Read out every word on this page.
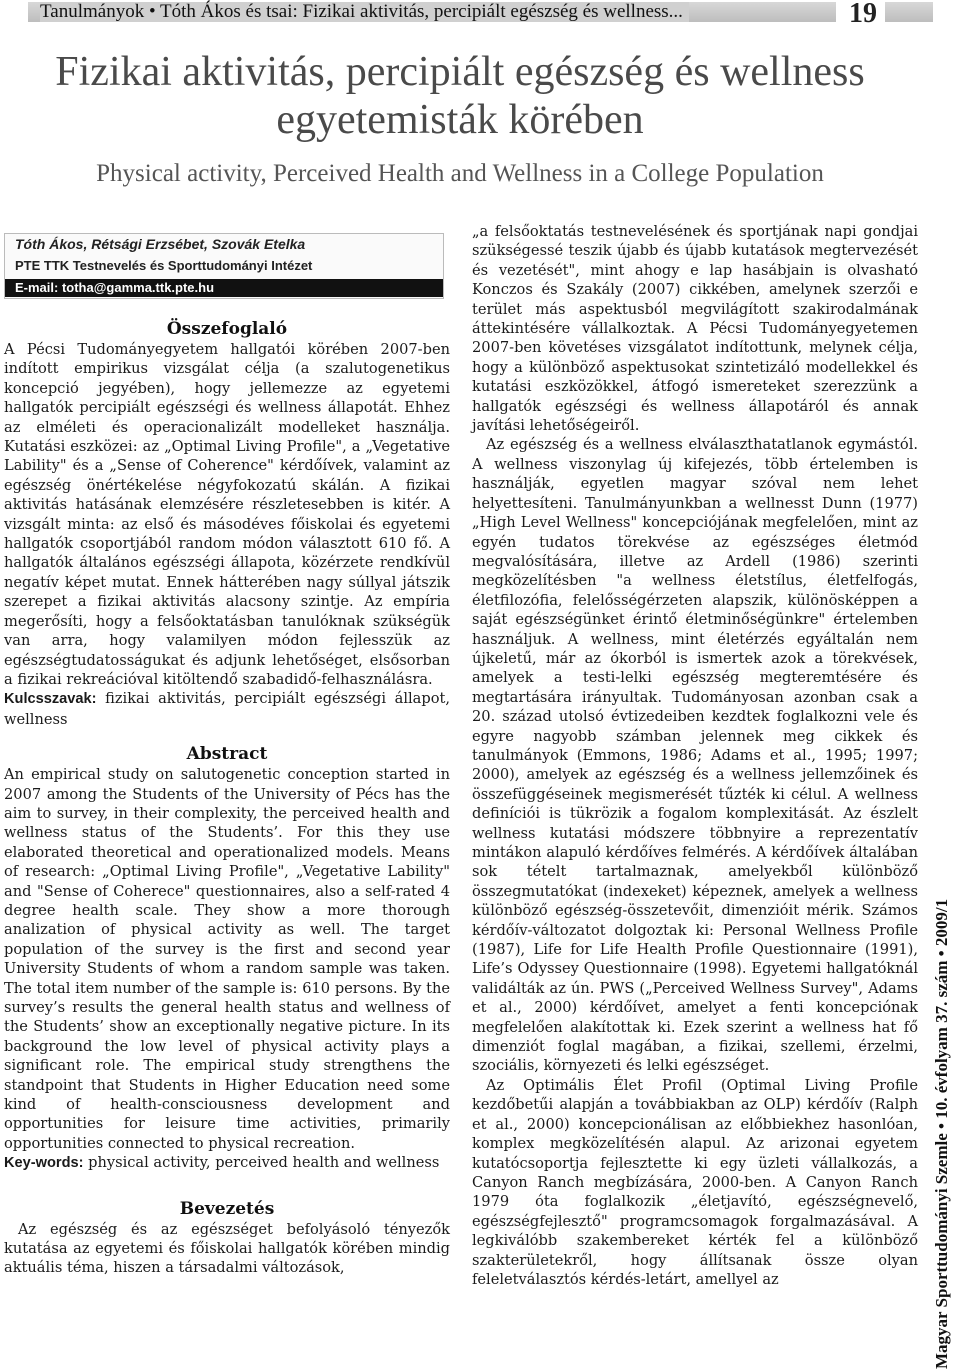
Tanulmányok • Tóth Ákos és tsai: Fizikai aktivitás, percipiált egészség és wellness...	19
Fizikai aktivitás, percipiált egészség és wellness
egyetemisták körében
Physical activity, Perceived Health and Wellness in a College Population
Tóth Ákos, Rétsági Erzsébet, Szovák Etelka
PTE TTK Testnevelés és Sporttudományi Intézet
E-mail: totha@gamma.ttk.pte.hu
Összefoglaló

A Pécsi Tudományegyetem hallgatói körében 2007-ben indított empirikus vizsgálat célja (a szalutogenetikus koncepció jegyében), hogy jellemezze az egyetemi hallgatók percipiált egészségi és wellness állapotát. Ehhez az elméleti és operacionalizált modelleket használja. Kutatási eszközei: az „Optimal Living Profile", a „Vegetative Lability" és a „Sense of Coherence" kérdőívek, valamint az egészség önértékelése négyfokozatú skálán. A fizikai aktivitás hatásának elemzésére részletesebben is kitér. A vizsgált minta: az első és másodéves főiskolai és egyetemi hallgatók csoportjából random módon választott 610 fő. A hallgatók általános egészségi állapota, közérzete rendkívül negatív képet mutat. Ennek hátterében nagy súllyal játszik szerepet a fizikai aktivitás alacsony szintje. Az empíria megerősíti, hogy a felsőoktatásban tanulóknak szükségük van arra, hogy valamilyen módon fejlesszük az egészségtudatosságukat és adjunk lehetőséget, elsősorban a fizikai rekreációval kitöltendő szabadidő-felhasználásra.

Kulcsszavak: fizikai aktivitás, percipiált egészségi állapot, wellness

Abstract

An empirical study on salutogenetic conception started in 2007 among the Students of the University of Pécs has the aim to survey, in their complexity, the perceived health and wellness status of the Students’. For this they use elaborated theoretical and operationalized models. Means of research: „Optimal Living Profile", „Vegetative Lability" and "Sense of Coherece" questionnaires, also a self-rated 4 degree health scale. They show a more thorough analization of physical activity as well. The target population of the survey is the first and second year University Students of whom a random sample was taken. The total item number of the sample is: 610 persons. By the survey’s results the general health status and wellness of the Students’ show an exceptionally negative picture. In its background the low level of physical activity plays a significant role. The empirical study strengthens the standpoint that Students in Higher Education need some kind of health-consciousness development and opportunities for leisure time activities, primarily opportunities connected to physical recreation.

Key-words: physical activity, perceived health and wellness

Bevezetés

Az egészség és az egészséget befolyásoló tényezők kutatása az egyetemi és főiskolai hallgatók körében mindig aktuális téma, hiszen a társadalmi változások,

„a felsőoktatás testnevelésének és sportjának napi gondjai szükségessé teszik újabb és újabb kutatások megtervezését és vezetését", mint ahogy e lap hasábjain is olvasható Konczos és Szakály (2007) cikkében, amelynek szerzői e terület más aspektusból megvilágított szakirodalmának áttekintésére vállalkoztak. A Pécsi Tudományegyetemen 2007-ben követéses vizsgálatot indítottunk, melynek célja, hogy a különböző aspektusokat szintetizáló modellekkel és kutatási eszközökkel, átfogó ismereteket szerezzünk a hallgatók egészségi és wellness állapotáról és annak javítási lehetőségeiről.

Az egészség és a wellness elválaszthatatlanok egymástól. A wellness viszonylag új kifejezés, több értelemben is használják, egyetlen magyar szóval nem lehet helyettesíteni. Tanulmányunkban a wellnesst Dunn (1977) „High Level Wellness" koncepciójának megfelelően, mint az egyén tudatos törekvése az egészséges életmód megvalósítására, illetve az Ardell (1986) szerinti megközelítésben "a wellness életstílus, életfelfogás, életfilozófia, felelősségérzeten alapszik, különösképpen a saját egészségünket érintő életminőségünkre" értelemben használjuk. A wellness, mint életérzés egyáltalán nem újkeletű, már az ókorból is ismertek azok a törekvések, amelyek a testi-lelki egészség megteremtésére és megtartására irányultak. Tudományosan azonban csak a 20. század utolsó évtizedeiben kezdtek foglalkozni vele és egyre nagyobb számban jelennek meg cikkek és tanulmányok (Emmons, 1986; Adams et al., 1995; 1997; 2000), amelyek az egészség és a wellness jellemzőinek és összefüggéseinek megismerését tűzték ki célul. A wellness definíciói is tükrözik a fogalom komplexitását. Az észlelt wellness kutatási módszere többnyire a reprezentatív mintákon alapuló kérdőíves felmérés. A kérdőívek általában sok tételt tartalmaznak, amelyekből különböző összegmutatókat (indexeket) képeznek, amelyek a wellness különböző egészség-összetevőit, dimenzióit mérik. Számos kérdőív-változatot dolgoztak ki: Personal Wellness Profile (1987), Life for Life Health Profile Questionnaire (1991), Life’s Odyssey Questionnaire (1998). Egyetemi hallgatóknál validálták az ún. PWS („Perceived Wellness Survey", Adams et al., 2000) kérdőívet, amelyet a fenti koncepciónak megfelelően alakítottak ki. Ezek szerint a wellness hat fő dimenziót foglal magában, a fizikai, szellemi, érzelmi, szociális, környezeti és lelki egészséget.

Az Optimális Élet Profil (Optimal Living Profile kezdőbetűi alapján a továbbiakban az OLP) kérdőív (Ralph et al., 2000) koncepcionálisan az előbbiekhez hasonlóan, komplex megközelítésén alapul. Az arizonai egyetem kutatócsoportja fejlesztette ki egy üzleti vállalkozás, a Canyon Ranch megbízására, 2000-ben. A Canyon Ranch 1979 óta foglalkozik „életjavító, egészségnevelő, egészségfejlesztő" programcsomagok forgalmazásával. A legkiválóbb szakembereket kérték fel a különböző szakterületekről, hogy állítsanak össze olyan feleletválasztós kérdés-letárt, amellyel az	Magyar Sporttudományi Szemle • 10. évfolyam 37. szám • 2009/1
